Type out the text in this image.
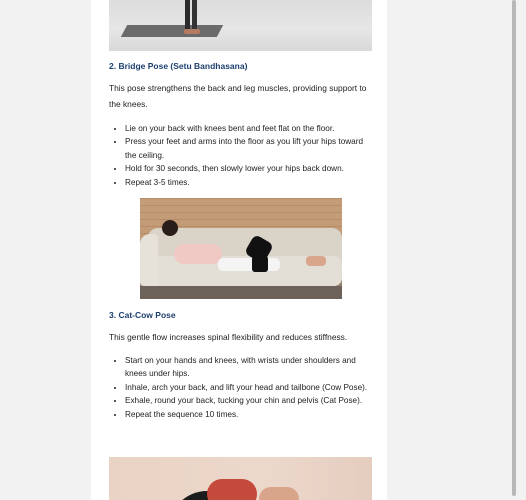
2. Bridge Pose (Setu Bandhasana)
This pose strengthens the back and leg muscles, providing support to the knees.
• Lie on your back with knees bent and feet flat on the floor.
• Press your feet and arms into the floor as you lift your hips toward the ceiling.
• Hold for 30 seconds, then slowly lower your hips back down.
• Repeat 3-5 times.
3. Cat-Cow Pose
This gentle flow increases spinal flexibility and reduces stiffness.
• Start on your hands and knees, with wrists under shoulders and knees under hips.
• Inhale, arch your back, and lift your head and tailbone (Cow Pose).
• Exhale, round your back, tucking your chin and pelvis (Cat Pose).
• Repeat the sequence 10 times.
